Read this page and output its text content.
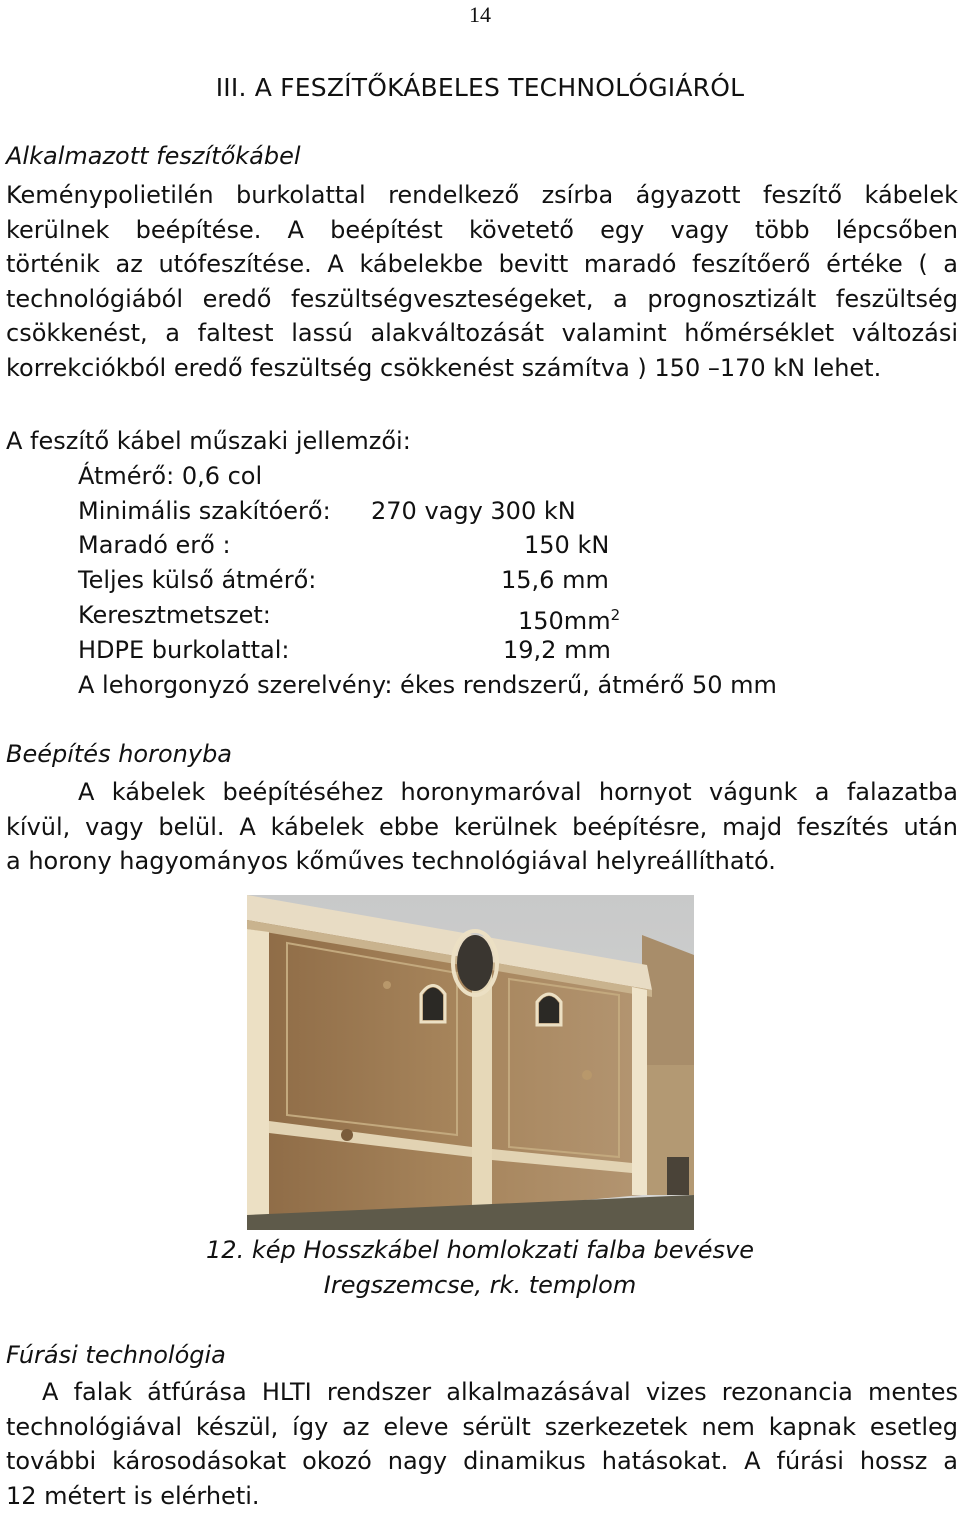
14
III. A FESZÍTŐKÁBELES TECHNOLÓGIÁRÓL
Alkalmazott feszítőkábel
Keménypolietilén burkolattal rendelkező zsírba ágyazott feszítő kábelek
kerülnek beépítése. A beépítést követető egy vagy több lépcsőben
történik az utófeszítése. A kábelekbe bevitt maradó feszítőerő értéke ( a
technológiából eredő feszültségveszteségeket, a prognosztizált feszültség
csökkenést, a faltest lassú alakváltozását valamint hőmérséklet változási
korrekciókból eredő feszültség csökkenést számítva ) 150 –170 kN lehet.
A feszítő kábel műszaki jellemzői:
Átmérő: 0,6 col
Minimális szakítóerő: 270 vagy 300 kN
Maradó erő :	150 kN
Teljes külső átmérő:	15,6 mm
Keresztmetszet:	$150mm^2$
HDPE burkolattal:	19,2 mm
A lehorgonyzó szerelvény: ékes rendszerű, átmérő 50 mm
Beépítés horonyba
A kábelek beépítéséhez horonymaróval hornyot vágunk a falazatba
kívül, vagy belül. A kábelek ebbe kerülnek beépítésre, majd feszítés után
a horony hagyományos kőműves technológiával helyreállítható.
12. kép Hosszkábel homlokzati falba bevésve
Iregszemcse, rk. templom
Fúrási technológia
A falak átfúrása HLTI rendszer alkalmazásával vizes rezonancia mentes
technológiával készül, így az eleve sérült szerkezetek nem kapnak esetleg
további károsodásokat okozó nagy dinamikus hatásokat. A fúrási hossz a
12 métert is elérheti.
